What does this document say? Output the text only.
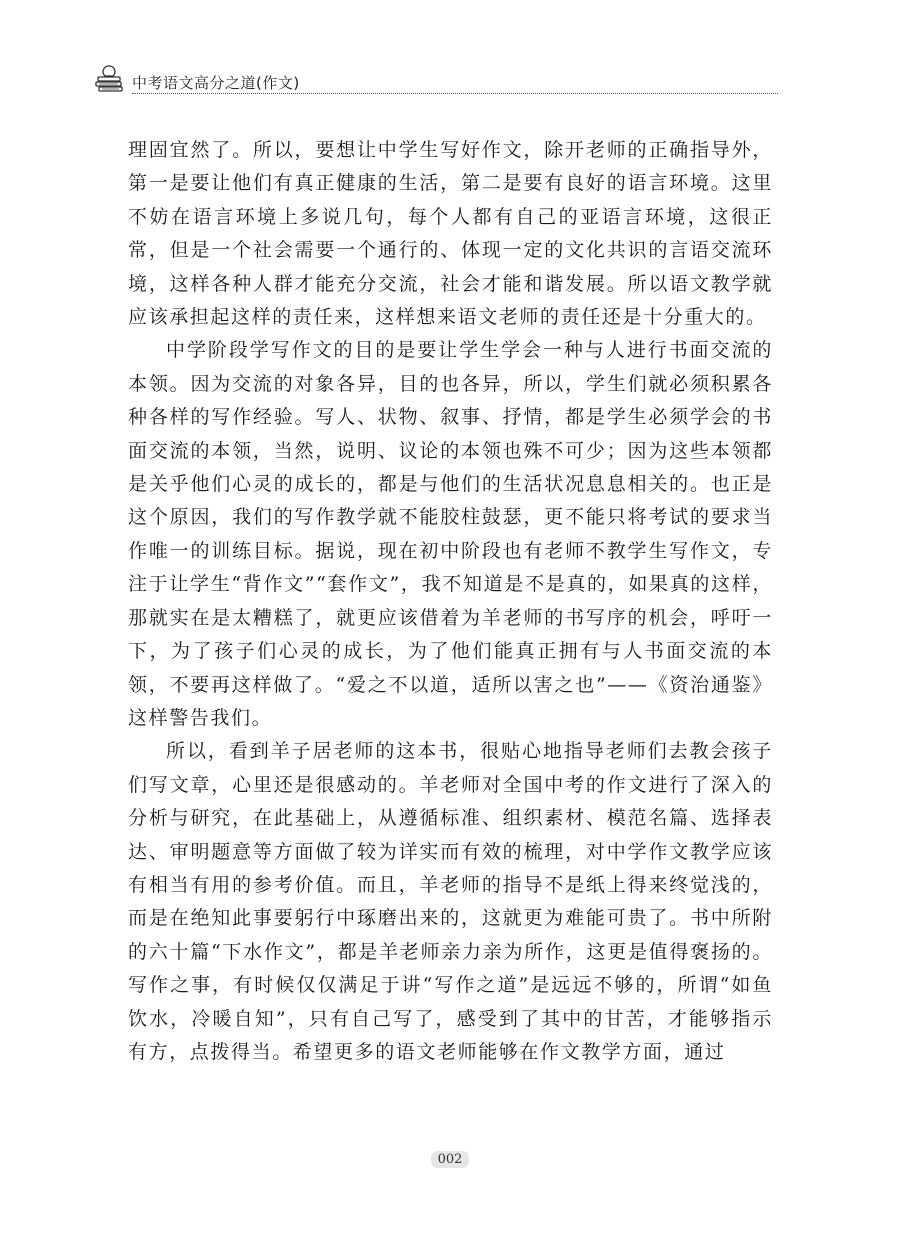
中考语文高分之道(作文)

理固宜然了。所以，要想让中学生写好作文，除开老师的正确指导外，第一是要让他们有真正健康的生活，第二是要有良好的语言环境。这里不妨在语言环境上多说几句，每个人都有自己的亚语言环境，这很正常，但是一个社会需要一个通行的、体现一定的文化共识的言语交流环境，这样各种人群才能充分交流，社会才能和谐发展。所以语文教学就应该承担起这样的责任来，这样想来语文老师的责任还是十分重大的。

中学阶段学写作文的目的是要让学生学会一种与人进行书面交流的本领。因为交流的对象各异，目的也各异，所以，学生们就必须积累各种各样的写作经验。写人、状物、叙事、抒情，都是学生必须学会的书面交流的本领，当然，说明、议论的本领也殊不可少；因为这些本领都是关乎他们心灵的成长的，都是与他们的生活状况息息相关的。也正是这个原因，我们的写作教学就不能胶柱鼓瑟，更不能只将考试的要求当作唯一的训练目标。据说，现在初中阶段也有老师不教学生写作文，专注于让学生“背作文”“套作文”，我不知道是不是真的，如果真的这样，那就实在是太糟糕了，就更应该借着为羊老师的书写序的机会，呼吁一下，为了孩子们心灵的成长，为了他们能真正拥有与人书面交流的本领，不要再这样做了。“爱之不以道，适所以害之也”——《资治通鉴》这样警告我们。

所以，看到羊子居老师的这本书，很贴心地指导老师们去教会孩子们写文章，心里还是很感动的。羊老师对全国中考的作文进行了深入的分析与研究，在此基础上，从遵循标准、组织素材、模范名篇、选择表达、审明题意等方面做了较为详实而有效的梳理，对中学作文教学应该有相当有用的参考价值。而且，羊老师的指导不是纸上得来终觉浅的，而是在绝知此事要躬行中琢磨出来的，这就更为难能可贵了。书中所附的六十篇“下水作文”，都是羊老师亲力亲为所作，这更是值得褒扬的。写作之事，有时候仅仅满足于讲“写作之道”是远远不够的，所谓“如鱼饮水，冷暖自知”，只有自己写了，感受到了其中的甘苦，才能够指示有方，点拨得当。希望更多的语文老师能够在作文教学方面，通过

002
